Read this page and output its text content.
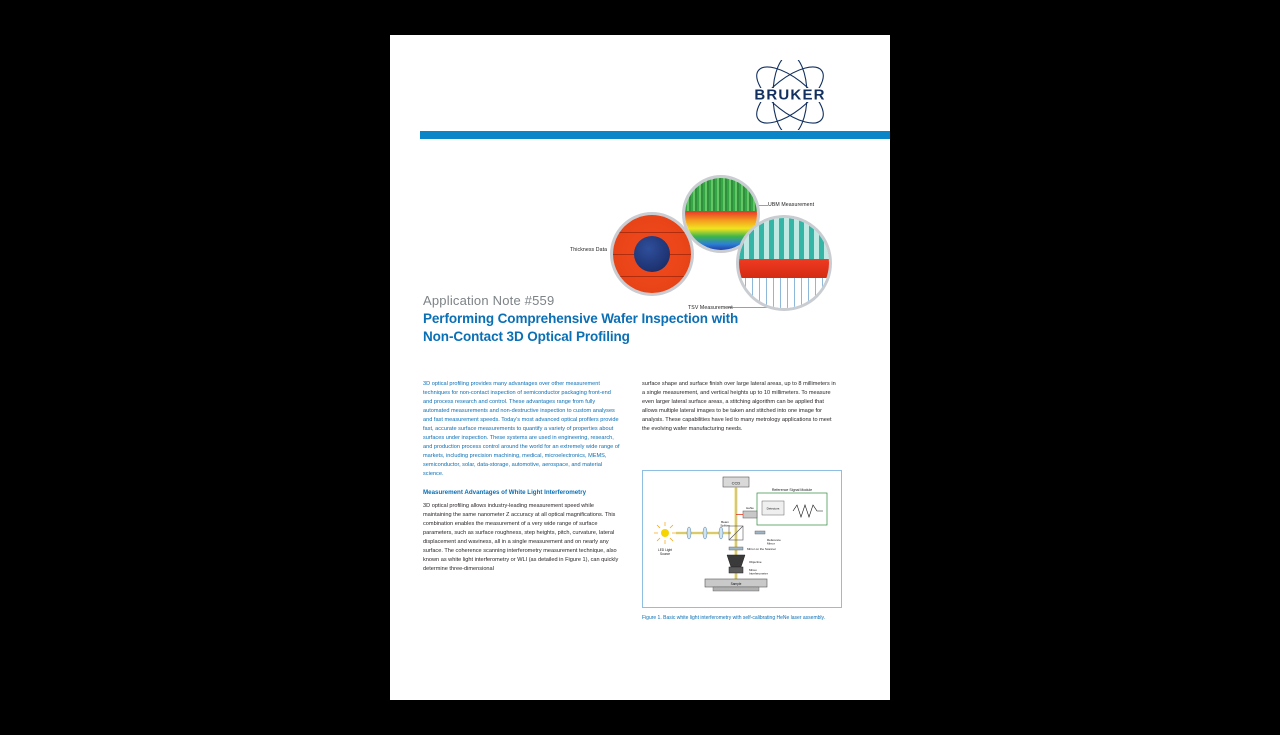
BRUKER
Thickness Data
UBM Measurement
TSV Measurement
Application Note #559
Performing Comprehensive Wafer Inspection with
Non-Contact 3D Optical Profiling

3D optical profiling provides many advantages over other measurement techniques for non-contact inspection of semiconductor packaging front-end and process research and control. These advantages range from fully automated measurements and non-destructive inspection to custom analyses and fast measurement speeds. Today's most advanced optical profilers provide fast, accurate surface measurements to quantify a variety of properties about surfaces under inspection. These systems are used in engineering, research, and production process control around the world for an extremely wide range of markets, including precision machining, medical, microelectronics, MEMS, semiconductor, solar, data-storage, automotive, aerospace, and material science.

Measurement Advantages of White Light Interferometry

3D optical profiling allows industry-leading measurement speed while maintaining the same nanometer Z accuracy at all optical magnifications. This combination enables the measurement of a very wide range of surface parameters, such as surface roughness, step heights, pitch, curvature, lateral displacement and waviness, all in a single measurement and on nearly any surface. The coherence scanning interferometry measurement technique, also known as white light interferometry or WLI (as detailed in Figure 1), can quickly determine three-dimensional

surface shape and surface finish over large lateral areas, up to 8 millimeters in a single measurement, and vertical heights up to 10 millimeters. To measure even larger lateral surface areas, a stitching algorithm can be applied that allows multiple lateral images to be taken and stitched into one image for analysis. These capabilities have led to many metrology applications to meet the evolving wafer manufacturing needs.

CCD
Reference Signal Module
Detectors
HeNe
LED Light
Source
Beam
Splitter
Reference
Mirror
Mirror on the Scanner
Objective
Mirau
Interferometer
Sample
Figure 1. Basic white light interferometry with self-calibrating HeNe laser assembly.
